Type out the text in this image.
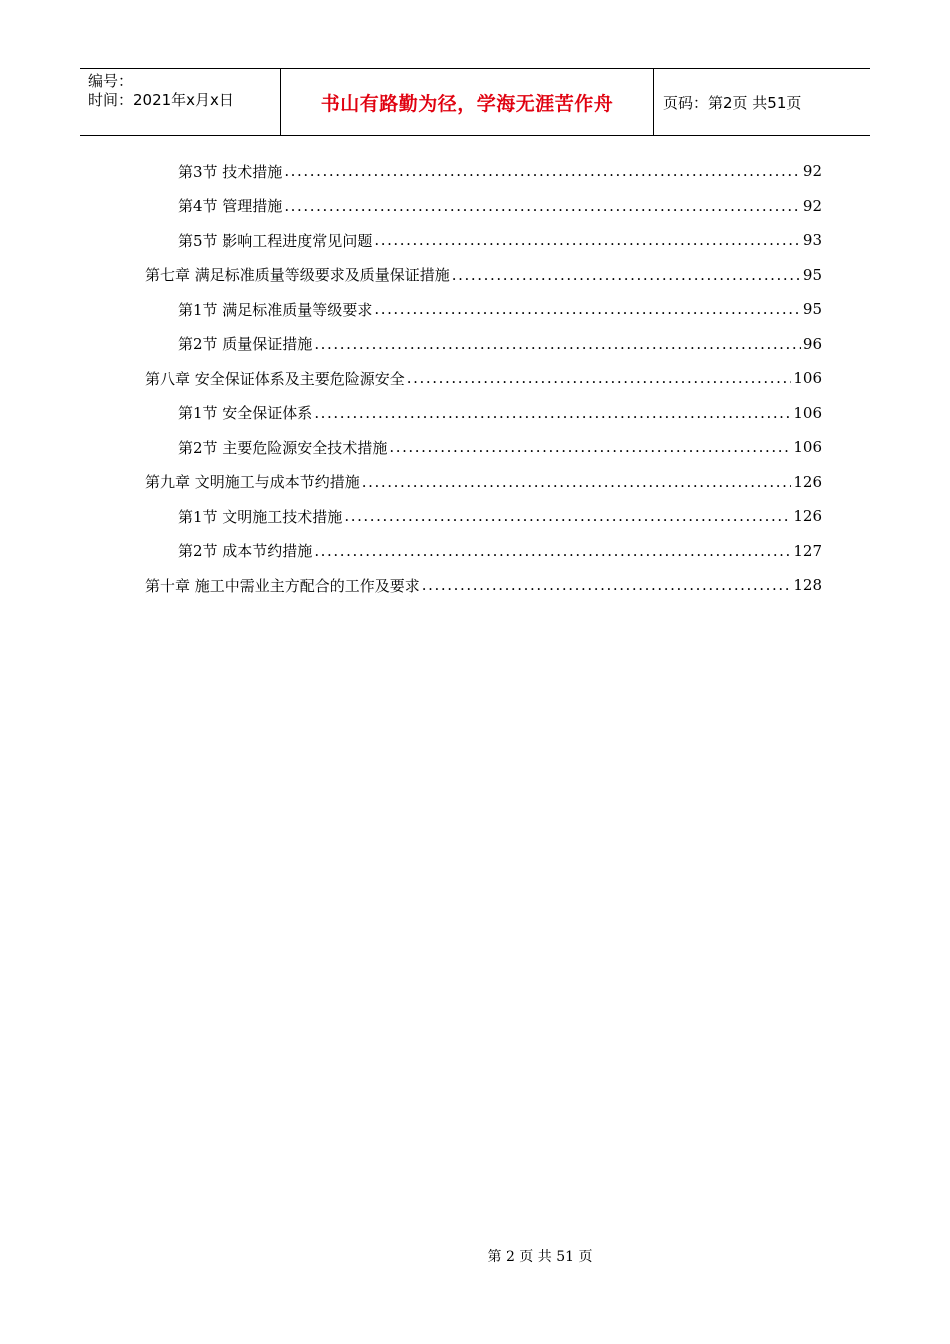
编号：
时间：2021年x月x日	书山有路勤为径，学海无涯苦作舟	页码：第2页 共51页
第3节 技术措施 .....	92
第4节 管理措施 .....	92
第5节 影响工程进度常见问题 .....	93
第七章 满足标准质量等级要求及质量保证措施 .....	95
第1节 满足标准质量等级要求 .....	95
第2节 质量保证措施 .....	96
第八章 安全保证体系及主要危险源安全 .....	106
第1节 安全保证体系 .....	106
第2节 主要危险源安全技术措施 .....	106
第九章 文明施工与成本节约措施 .....	126
第1节 文明施工技术措施 .....	126
第2节 成本节约措施 .....	127
第十章 施工中需业主方配合的工作及要求 .....	128
第 2 页 共 51 页
